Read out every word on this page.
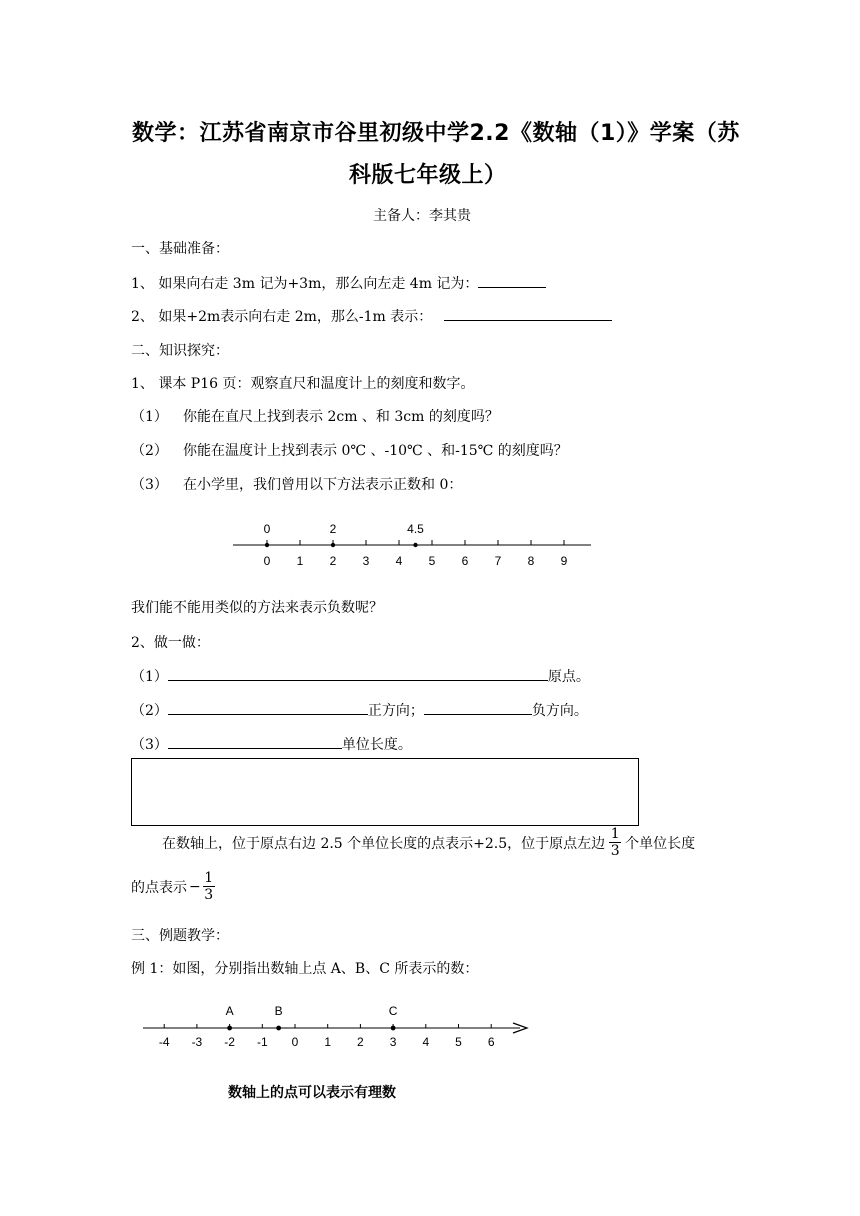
数学：江苏省南京市谷里初级中学2.2《数轴（1）》学案（苏
科版七年级上）
主备人：李其贵
一、基础准备：
1、 如果向右走 3m 记为+3m，那么向左走 4m 记为：
2、 如果+2m表示向右走 2m，那么-1m 表示：
二、知识探究：
1、 课本 P16 页：观察直尺和温度计上的刻度和数字。
（1） 你能在直尺上找到表示 2cm 、和 3cm 的刻度吗？
（2） 你能在温度计上找到表示 0℃ 、-10℃ 、和-15℃ 的刻度吗？
（3） 在小学里，我们曾用以下方法表示正数和 0：
0 1 2 3 4 5 6 7 8 9
0	2	4.5
我们能不能用类似的方法来表示负数呢？
2、做一做：
（1）	原点。
（2）	正方向；	负方向。
（3）	单位长度。
在数轴上，位于原点右边 2.5 个单位长度的点表示+2.5，位于原点左边 $\frac{1}{3}$ 个单位长度
的点表示 − $\frac{1}{3}$
三、例题教学：
例 1：如图，分别指出数轴上点 A、B、C 所表示的数：
-4 -3 -2 -1 0 1 2 3 4 5 6
A	B	C
数轴上的点可以表示有理数
